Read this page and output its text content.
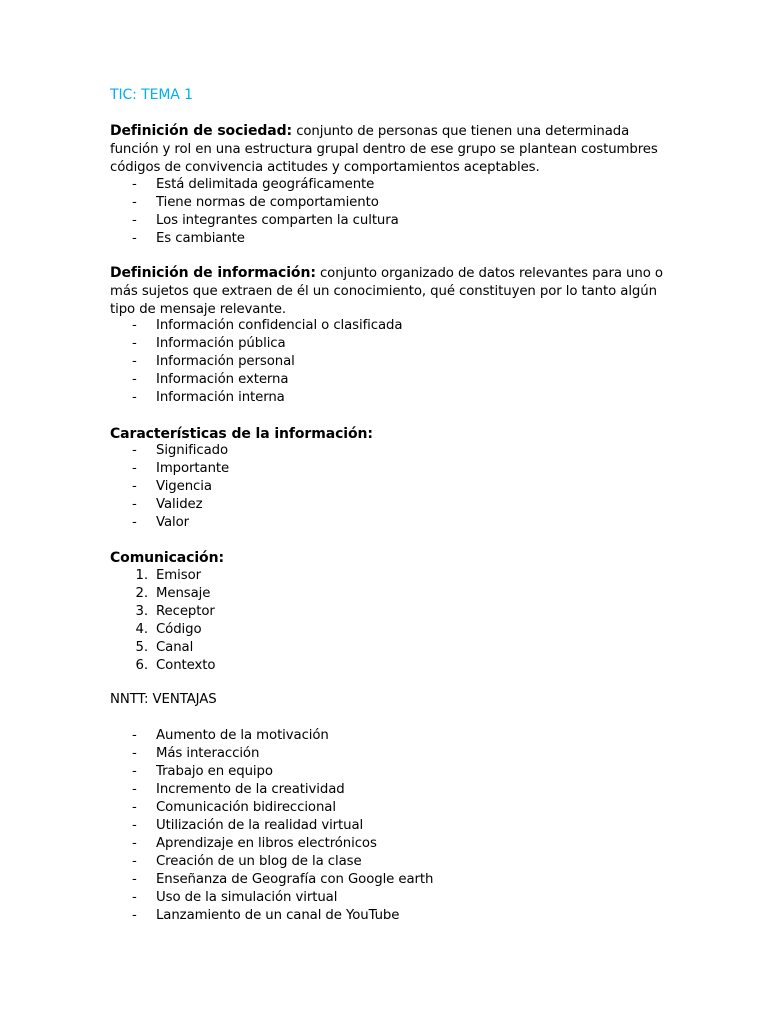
TIC: TEMA 1

Definición de sociedad: conjunto de personas que tienen una determinada función y rol en una estructura grupal dentro de ese grupo se plantean costumbres códigos de convivencia actitudes y comportamientos aceptables.

- Está delimitada geográficamente
- Tiene normas de comportamiento
- Los integrantes comparten la cultura
- Es cambiante

Definición de información: conjunto organizado de datos relevantes para uno o más sujetos que extraen de él un conocimiento, qué constituyen por lo tanto algún tipo de mensaje relevante.

- Información confidencial o clasificada
- Información pública
- Información personal
- Información externa
- Información interna

Características de la información:

- Significado
- Importante
- Vigencia
- Validez
- Valor

Comunicación:

1. Emisor
2. Mensaje
3. Receptor
4. Código
5. Canal
6. Contexto

NNTT: VENTAJAS

- Aumento de la motivación
- Más interacción
- Trabajo en equipo
- Incremento de la creatividad
- Comunicación bidireccional
- Utilización de la realidad virtual
- Aprendizaje en libros electrónicos
- Creación de un blog de la clase
- Enseñanza de Geografía con Google earth
- Uso de la simulación virtual
- Lanzamiento de un canal de YouTube
